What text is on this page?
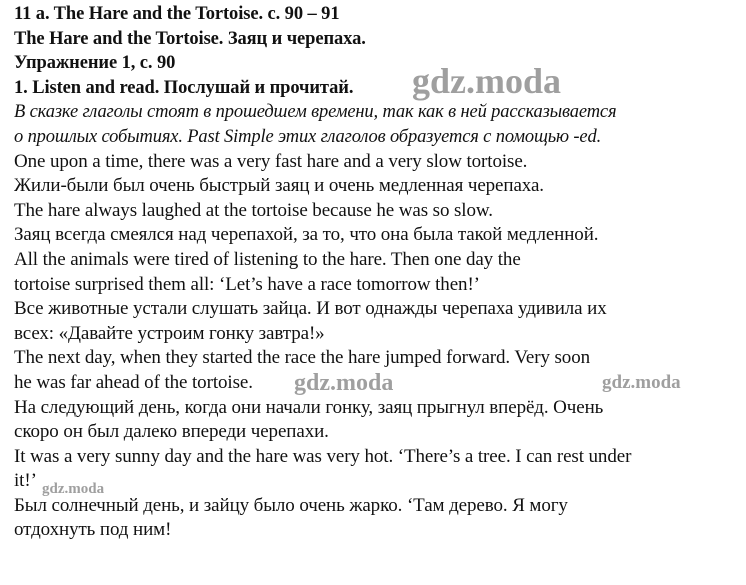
11 a. The Hare and the Tortoise. с. 90 – 91
The Hare and the Tortoise. Заяц и черепаха.
Упражнение 1, с. 90
1. Listen and read. Послушай и прочитай.
В сказке глаголы стоят в прошедшем времени, так как в ней рассказывается
о прошлых событиях. Past Simple этих глаголов образуется с помощью -ed.
One upon a time, there was a very fast hare and a very slow tortoise.
Жили-были был очень быстрый заяц и очень медленная черепаха.
The hare always laughed at the tortoise because he was so slow.
Заяц всегда смеялся над черепахой, за то, что она была такой медленной.
All the animals were tired of listening to the hare. Then one day the
tortoise surprised them all: ‘Let’s have a race tomorrow then!’
Все животные устали слушать зайца. И вот однажды черепаха удивила их
всех: «Давайте устроим гонку завтра!»
The next day, when they started the race the hare jumped forward. Very soon
he was far ahead of the tortoise.
На следующий день, когда они начали гонку, заяц прыгнул вперёд. Очень
скоро он был далеко впереди черепахи.
It was a very sunny day and the hare was very hot. ‘There’s a tree. I can rest under
it!’
Был солнечный день, и зайцу было очень жарко. ‘Там дерево. Я могу
отдохнуть под ним!
gdz.moda
gdz.moda	gdz.moda
gdz.moda
